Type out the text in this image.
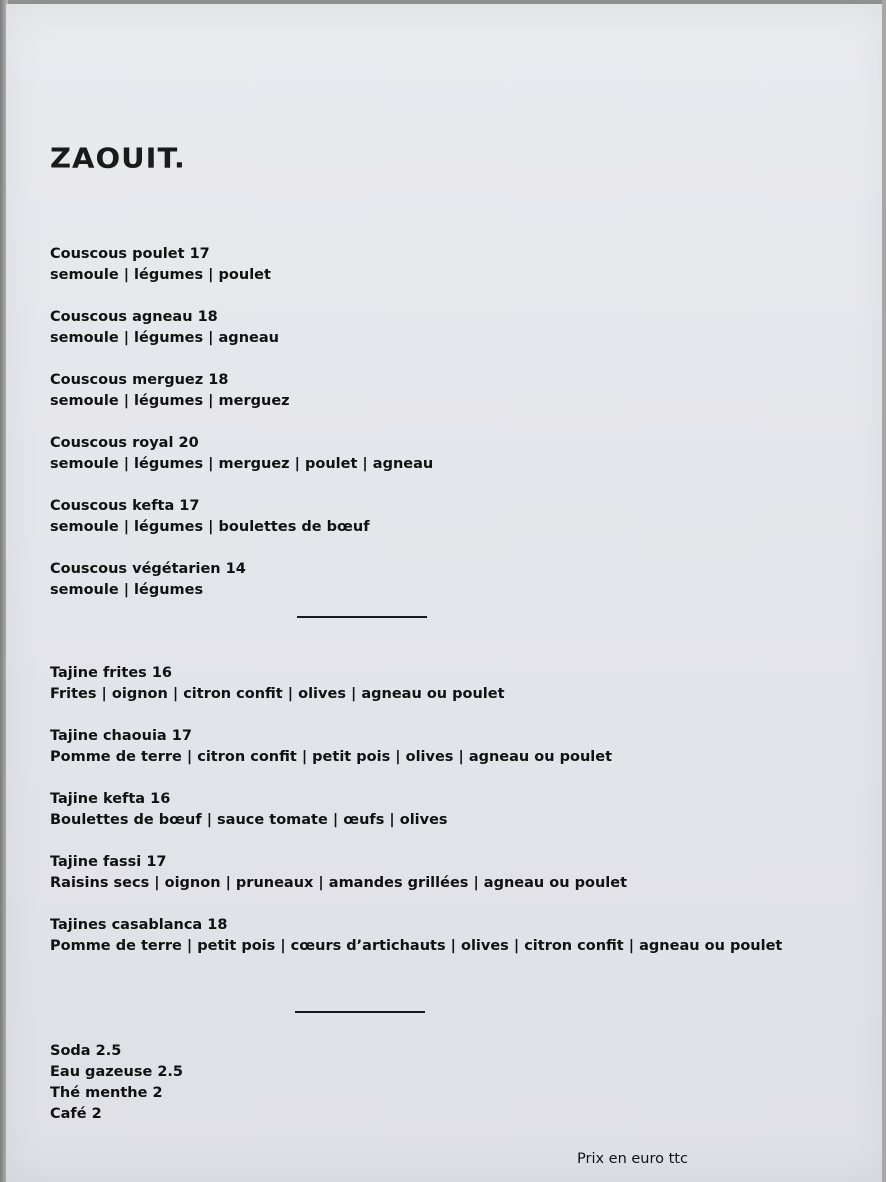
ZAOUIT.
Couscous poulet 17
semoule | légumes | poulet
Couscous agneau 18
semoule | légumes | agneau
Couscous merguez 18
semoule | légumes | merguez
Couscous royal 20
semoule | légumes | merguez | poulet | agneau
Couscous kefta 17
semoule | légumes | boulettes de bœuf
Couscous végétarien 14
semoule | légumes
Tajine frites 16
Frites | oignon | citron confit | olives | agneau ou poulet
Tajine chaouia 17
Pomme de terre | citron confit | petit pois | olives | agneau ou poulet
Tajine kefta 16
Boulettes de bœuf | sauce tomate | œufs | olives
Tajine fassi 17
Raisins secs | oignon | pruneaux | amandes grillées | agneau ou poulet
Tajines casablanca 18
Pomme de terre | petit pois | cœurs d’artichauts | olives | citron confit | agneau ou poulet
Soda 2.5
Eau gazeuse 2.5
Thé menthe 2
Café 2
Prix en euro ttc
